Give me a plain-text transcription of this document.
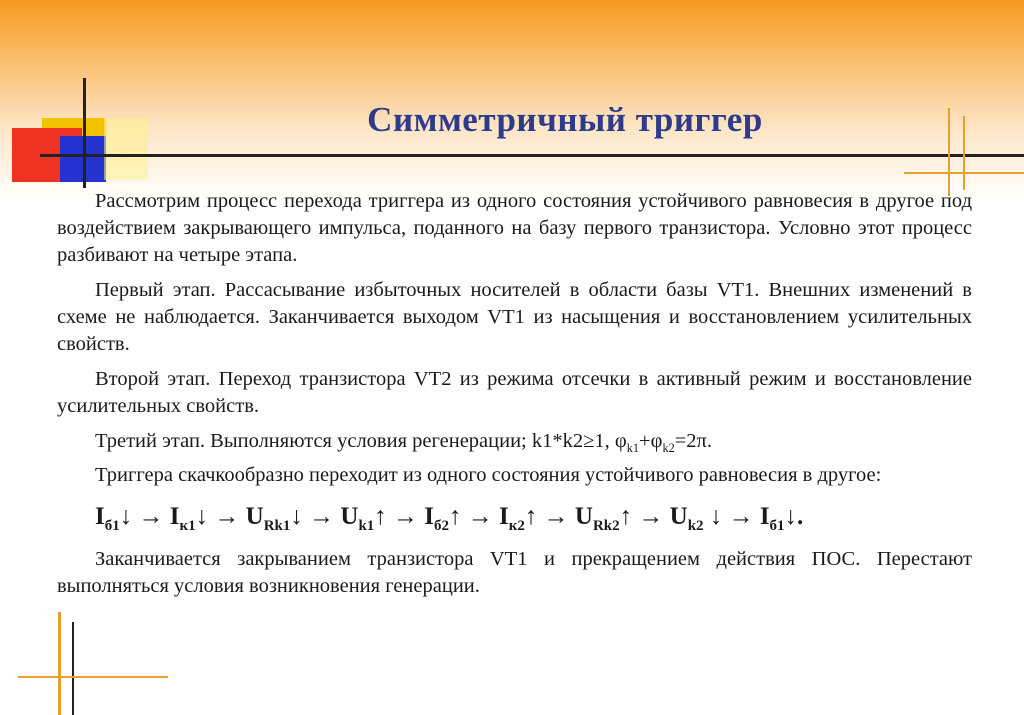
Симметричный триггер

Рассмотрим процесс перехода триггера из одного состояния устойчивого равновесия в другое под воздействием закрывающего импульса, поданного на базу первого транзистора. Условно этот процесс разбивают на четыре этапа.

Первый этап. Рассасывание избыточных носителей в области базы VT1. Внешних изменений в схеме не наблюдается. Заканчивается выходом VT1 из насыщения и восстановлением усилительных свойств.

Второй этап. Переход транзистора VT2 из режима отсечки в активный режим и восстановление усилительных свойств.

Третий этап. Выполняются условия регенерации; k1*k2≥1, $\varphi_{k1}+\varphi_{k2}=2\pi$.

Триггера скачкообразно переходит из одного состояния устойчивого равновесия в другое:

$I_{б1}↓$ → $I_{к1}↓$ → $U_{Rk1}↓$ → $U_{k1}↑$ → $I_{б2}↑$ → $I_{к2}↑$ → $U_{Rk2}↑ \to U_{k2}$ ↓ → $I_{б1}↓$.

Заканчивается закрыванием транзистора VT1 и прекращением действия ПОС. Перестают выполняться условия возникновения генерации.
